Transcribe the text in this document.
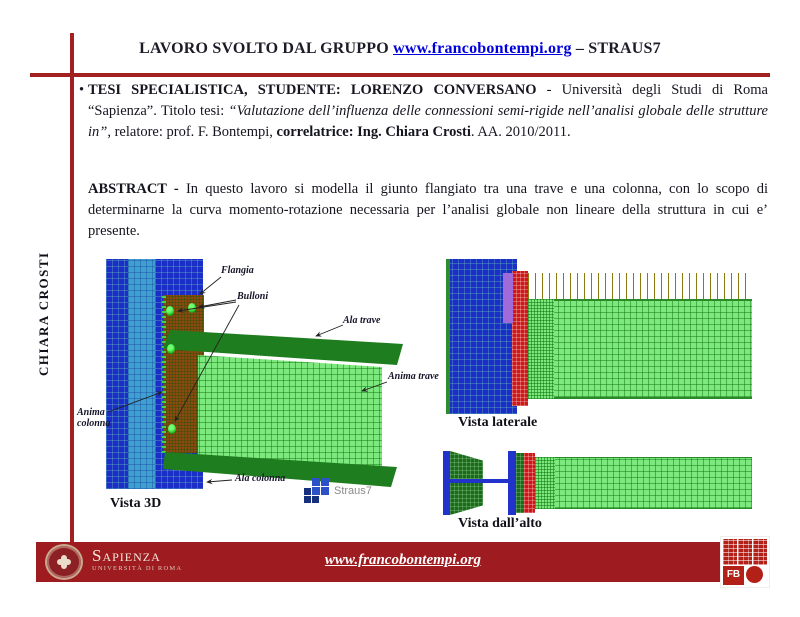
LAVORO SVOLTO DAL GRUPPO www.francobontempi.org – STRAUS7
CHIARA CROSTI
• TESI SPECIALISTICA, STUDENTE: LORENZO CONVERSANO - Università degli Studi di Roma “Sapienza”. Titolo tesi: “Valutazione dell’influenza delle connessioni semi-rigide nell’analisi globale delle strutture in”, relatore: prof. F. Bontempi, correlatrice: Ing. Chiara Crosti. AA. 2010/2011.
ABSTRACT - In questo lavoro si modella il giunto flangiato tra una trave e una colonna, con lo scopo di determinarne la curva momento-rotazione necessaria per l’analisi globale non lineare della struttura in cui e’ presente.
Flangia
Bulloni
Ala trave
Anima trave
Anima
colonna
Ala colonna
Straus7
Vista 3D
Vista laterale
Vista dall’alto
Sapienza
UNIVERSITÀ DI ROMA
www.francobontempi.org
FB
